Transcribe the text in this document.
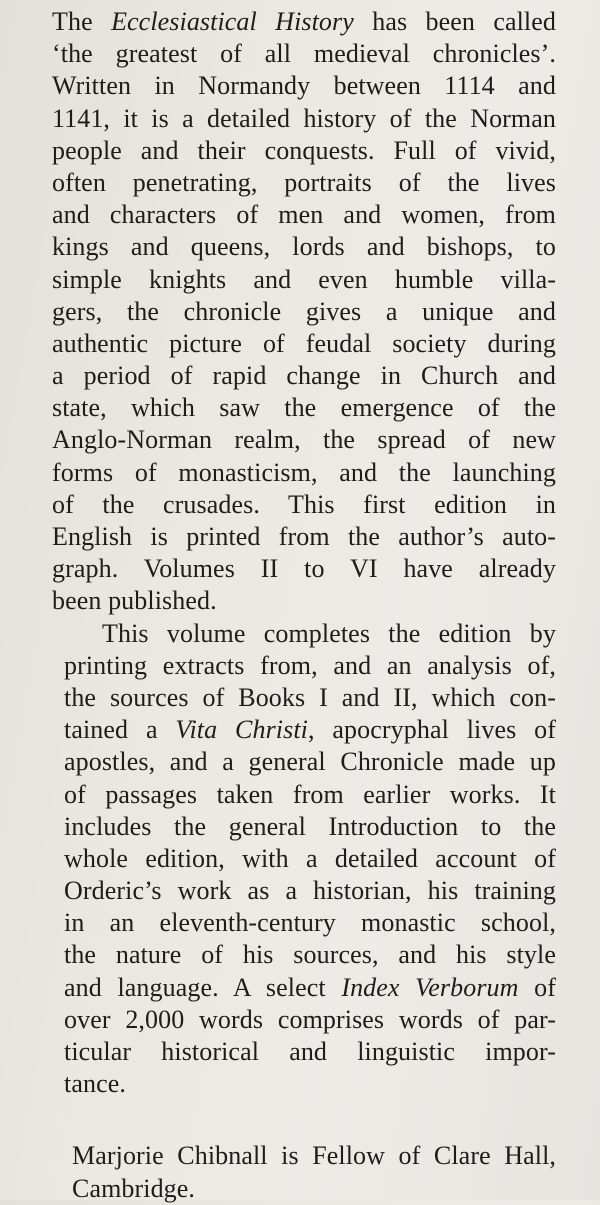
The Ecclesiastical History has been called
‘the greatest of all medieval chronicles’.
Written in Normandy between 1114 and
1141, it is a detailed history of the Norman
people and their conquests. Full of vivid,
often penetrating, portraits of the lives
and characters of men and women, from
kings and queens, lords and bishops, to
simple knights and even humble villa-
gers, the chronicle gives a unique and
authentic picture of feudal society during
a period of rapid change in Church and
state, which saw the emergence of the
Anglo-Norman realm, the spread of new
forms of monasticism, and the launching
of the crusades. This first edition in
English is printed from the author’s auto-
graph. Volumes II to VI have already
been published.
This volume completes the edition by
printing extracts from, and an analysis of,
the sources of Books I and II, which con-
tained a Vita Christi, apocryphal lives of
apostles, and a general Chronicle made up
of passages taken from earlier works. It
includes the general Introduction to the
whole edition, with a detailed account of
Orderic’s work as a historian, his training
in an eleventh-century monastic school,
the nature of his sources, and his style
and language. A select Index Verborum of
over 2,000 words comprises words of par-
ticular historical and linguistic impor-
tance.
Marjorie Chibnall is Fellow of Clare Hall,
Cambridge.
